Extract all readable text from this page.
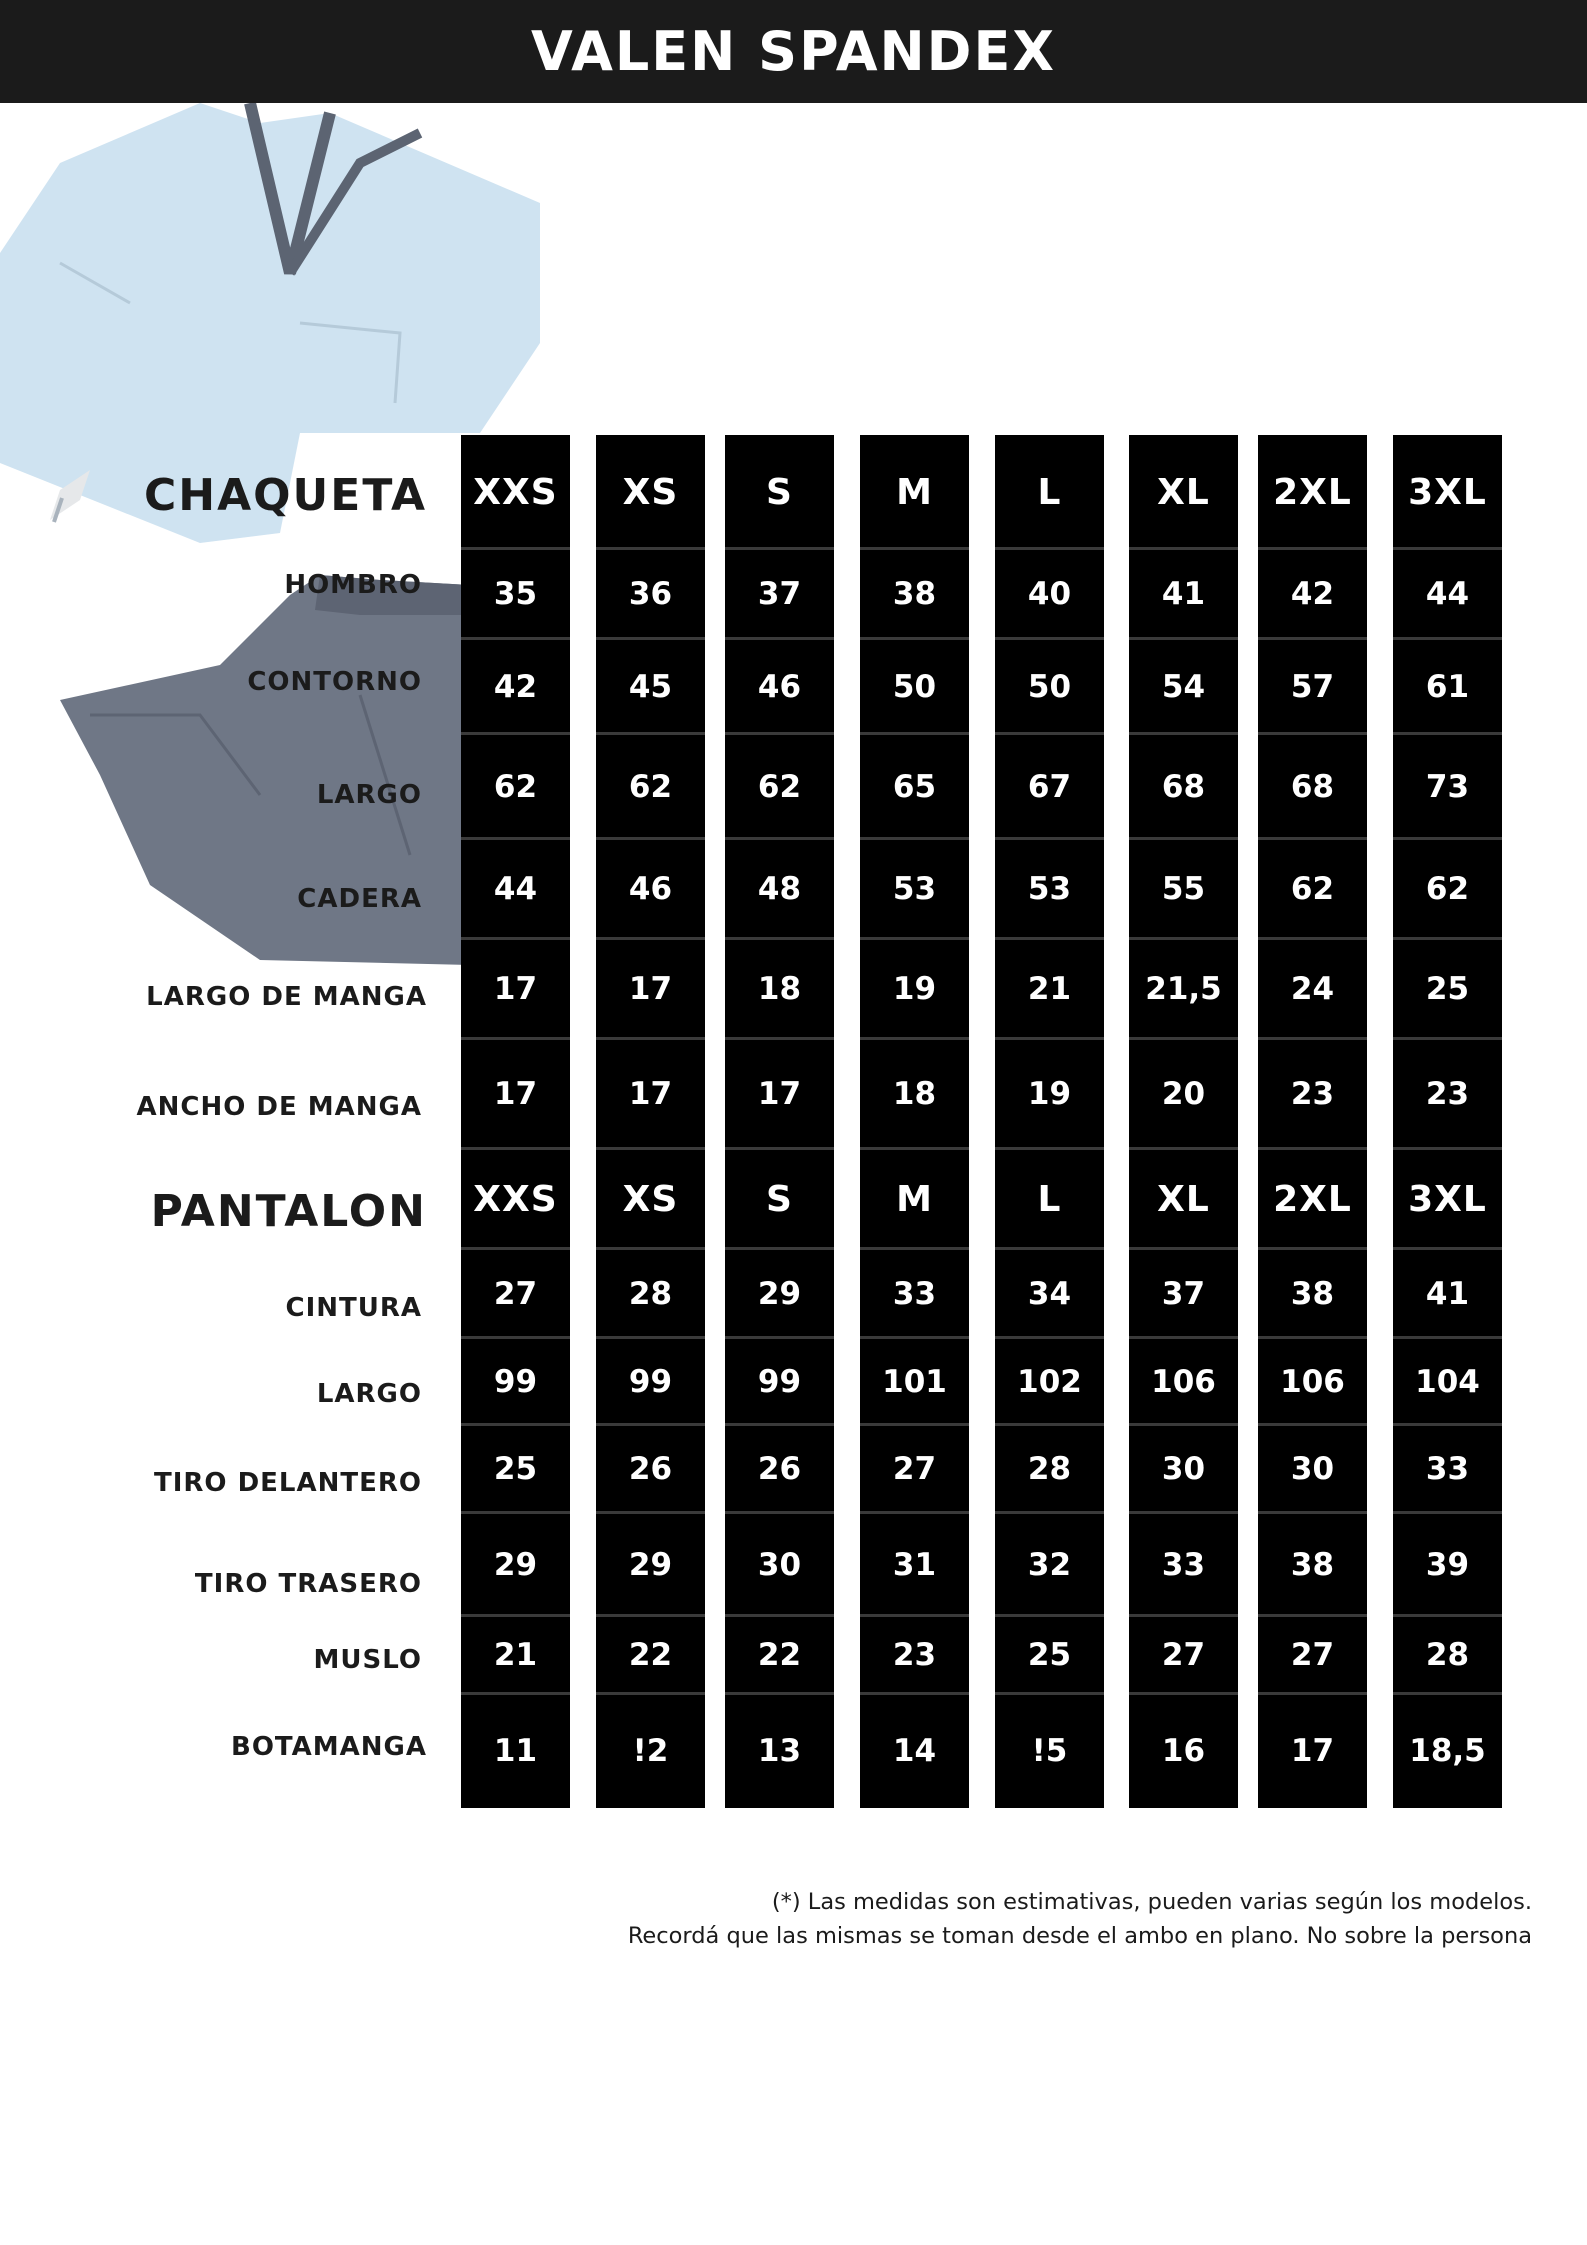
VALEN SPANDEX
CHAQUETA
PANTALON
HOMBRO
CONTORNO
LARGO
CADERA
LARGO DE MANGA
ANCHO DE MANGA
CINTURA
LARGO
TIRO DELANTERO
TIRO TRASERO
MUSLO
BOTAMANGA
XXS
35
42
62
44
17
17
XXS
27
99
25
29
21
11
XS
36
45
62
46
17
17
XS
28
99
26
29
22
!2
S
37
46
62
48
18
17
S
29
99
26
30
22
13
M
38
50
65
53
19
18
M
33
101
27
31
23
14
L
40
50
67
53
21
19
L
34
102
28
32
25
!5
XL
41
54
68
55
21,5
20
XL
37
106
30
33
27
16
2XL
42
57
68
62
24
23
2XL
38
106
30
38
27
17
3XL
44
61
73
62
25
23
3XL
41
104
33
39
28
18,5
(*) Las medidas son estimativas, pueden varias según los modelos.
Recordá que las mismas se toman desde el ambo en plano. No sobre la persona
